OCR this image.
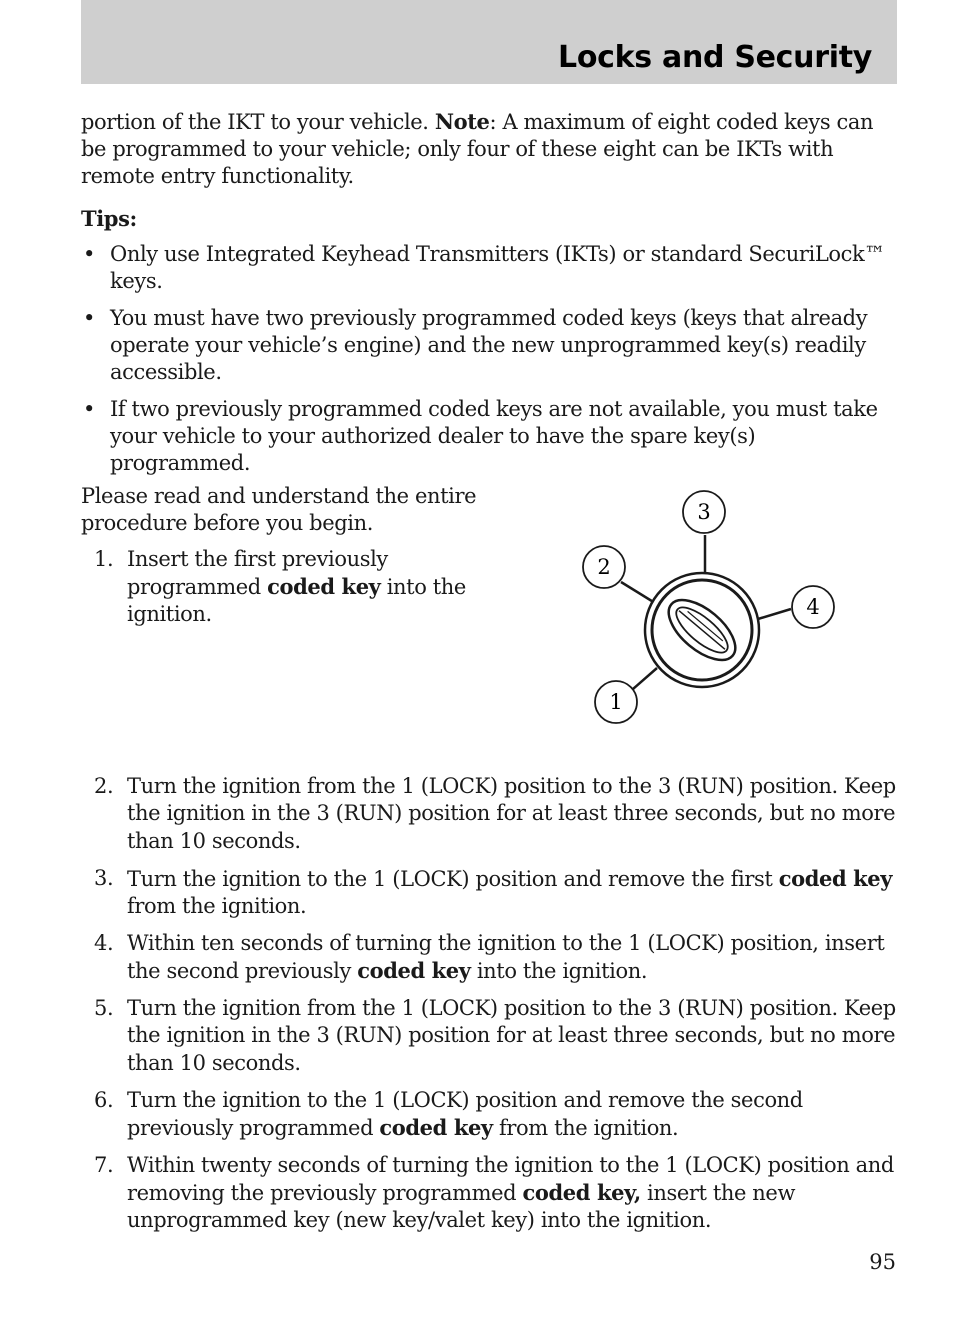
Locks and Security

portion of the IKT to your vehicle. Note: A maximum of eight coded keys can be programmed to your vehicle; only four of these eight can be IKTs with remote entry functionality.

Tips:
• Only use Integrated Keyhead Transmitters (IKTs) or standard SecuriLock™ keys.
• You must have two previously programmed coded keys (keys that already operate your vehicle’s engine) and the new unprogrammed key(s) readily accessible.
• If two previously programmed coded keys are not available, you must take your vehicle to your authorized dealer to have the spare key(s) programmed.

Please read and understand the entire procedure before you begin.

1. Insert the first previously programmed coded key into the ignition.
3
2
4
1
2. Turn the ignition from the 1 (LOCK) position to the 3 (RUN) position. Keep the ignition in the 3 (RUN) position for at least three seconds, but no more than 10 seconds.
3. Turn the ignition to the 1 (LOCK) position and remove the first coded key from the ignition.
4. Within ten seconds of turning the ignition to the 1 (LOCK) position, insert the second previously coded key into the ignition.
5. Turn the ignition from the 1 (LOCK) position to the 3 (RUN) position. Keep the ignition in the 3 (RUN) position for at least three seconds, but no more than 10 seconds.
6. Turn the ignition to the 1 (LOCK) position and remove the second previously programmed coded key from the ignition.
7. Within twenty seconds of turning the ignition to the 1 (LOCK) position and removing the previously programmed coded key, insert the new unprogrammed key (new key/valet key) into the ignition.
95
